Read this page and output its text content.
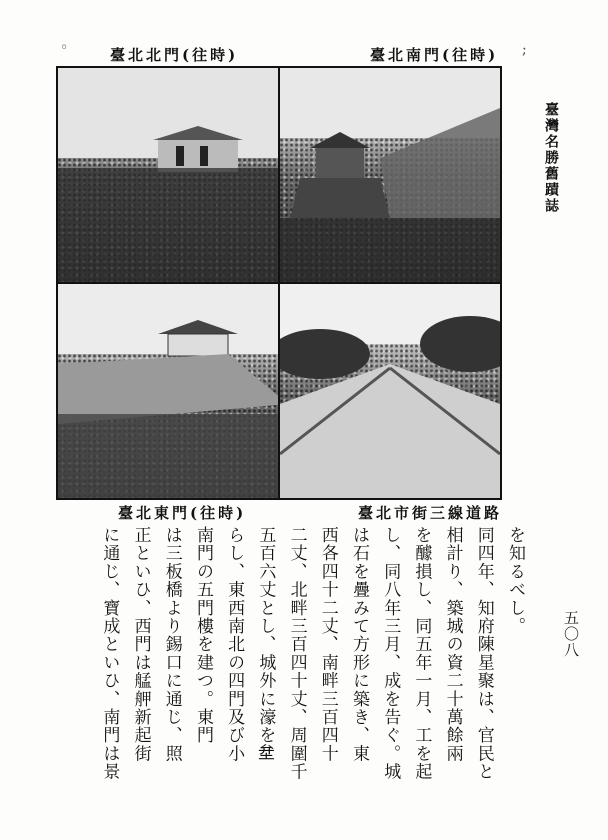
◦	;
臺北北門(往時)	臺北南門(往時)
臺北東門(往時)	臺北市街三線道路
臺灣名勝舊蹟誌
五〇八

を知るべし。

同四年、知府陳星聚は、官民と

相計り、築城の資二十萬餘兩

を醵損し、同五年一月、工を起

し、同八年三月、成を告ぐ。城

は石を疊みて方形に築き、東

西各四十二丈、南畔三百四十

二丈、北畔三百四十丈、周圍千

五百六丈とし、城外に濠を𡊅

らし、東西南北の四門及び小

南門の五門樓を建つ。東門

は三板橋より錫口に通じ、照

正といひ、西門は艋舺新起街

に通じ、寶成といひ、南門は景
